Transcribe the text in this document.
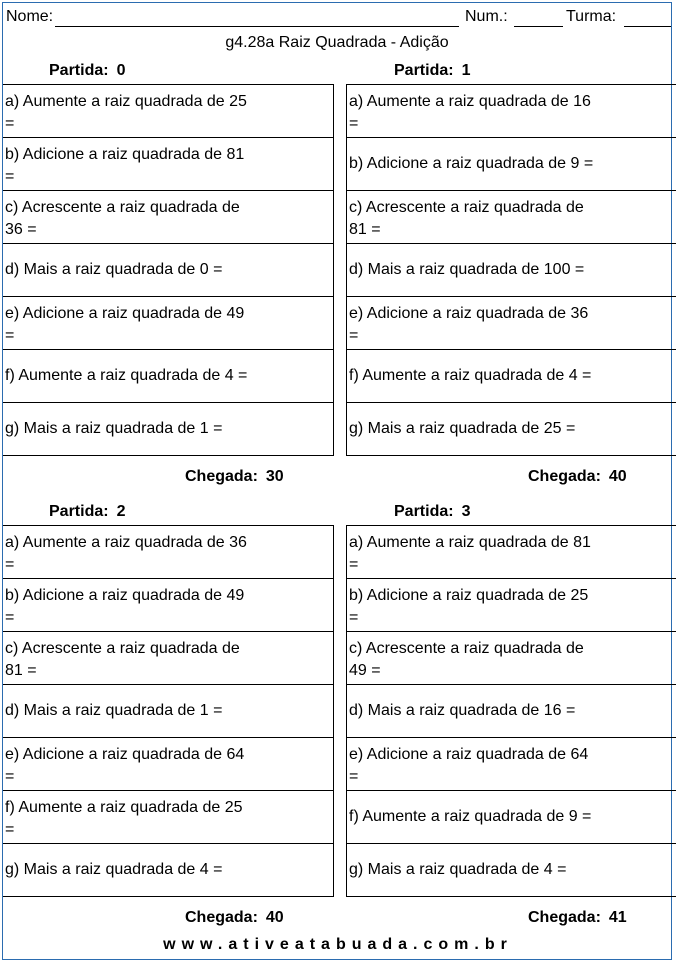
Nome:	Num.:	Turma:
g4.28a Raiz Quadrada - Adição
Partida: 0
a) Aumente a raiz quadrada de 25 =
b) Adicione a raiz quadrada de 81 =
c) Acrescente a raiz quadrada de 36 =
d) Mais a raiz quadrada de 0 =
e) Adicione a raiz quadrada de 49 =
f) Aumente a raiz quadrada de 4 =
g) Mais a raiz quadrada de 1 =
Chegada: 30
Partida: 1
a) Aumente a raiz quadrada de 16 =
b) Adicione a raiz quadrada de 9 =
c) Acrescente a raiz quadrada de 81 =
d) Mais a raiz quadrada de 100 =
e) Adicione a raiz quadrada de 36 =
f) Aumente a raiz quadrada de 4 =
g) Mais a raiz quadrada de 25 =
Chegada: 40
Partida: 2
a) Aumente a raiz quadrada de 36 =
b) Adicione a raiz quadrada de 49 =
c) Acrescente a raiz quadrada de 81 =
d) Mais a raiz quadrada de 1 =
e) Adicione a raiz quadrada de 64 =
f) Aumente a raiz quadrada de 25 =
g) Mais a raiz quadrada de 4 =
Chegada: 40
Partida: 3
a) Aumente a raiz quadrada de 81 =
b) Adicione a raiz quadrada de 25 =
c) Acrescente a raiz quadrada de 49 =
d) Mais a raiz quadrada de 16 =
e) Adicione a raiz quadrada de 64 =
f) Aumente a raiz quadrada de 9 =
g) Mais a raiz quadrada de 4 =
Chegada: 41
www.ativeatabuada.com.br
